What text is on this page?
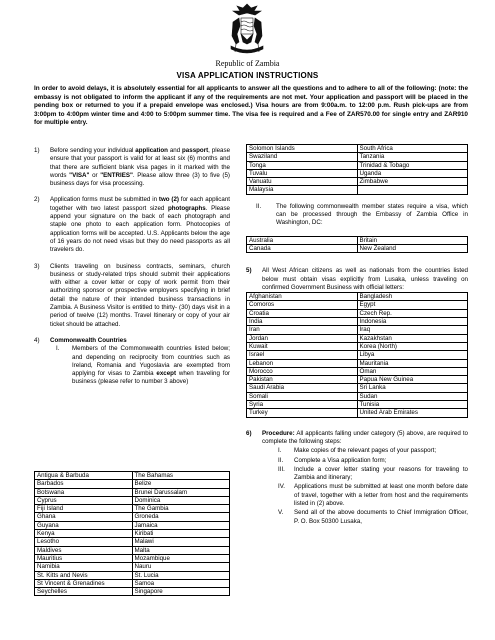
Republic of Zambia
VISA APPLICATION INSTRUCTIONS

In order to avoid delays, it is absolutely essential for all applicants to answer all the questions and to adhere to all of the following: (note: the embassy is not obligated to inform the applicant if any of the requirements are not met. Your application and passport will be placed in the pending box or returned to you if a prepaid envelope was enclosed.) Visa hours are from 9:00a.m. to 12:00 p.m. Rush pick-ups are from 3:00pm to 4:00pm winter time and 4:00 to 5:00pm summer time. The visa fee is required and a Fee of ZAR570.00 for single entry and ZAR910 for multiple entry.

1) Before sending your individual application and passport, please ensure that your passport is valid for at least six (6) months and that there are sufficient blank visa pages in it marked with the words "VISA" or "ENTRIES". Please allow three (3) to five (5) business days for visa processing.
2) Application forms must be submitted in two (2) for each applicant together with two latest passport sized photographs. Please append your signature on the back of each photograph and staple one photo to each application form. Photocopies of application forms will be accepted. U.S. Applicants below the age of 16 years do not need visas but they do need passports as all travelers do.
3) Clients traveling on business contracts, seminars, church business or study-related trips should submit their applications with either a cover letter or copy of work permit from their authorizing sponsor or prospective employers specifying in brief detail the nature of their intended business transactions in Zambia. A Business Visitor is entitled to thirty- (30) days visit in a period of twelve (12) months. Travel Itinerary or copy of your air ticket should be attached.
4) Commonwealth Countries
I. Members of the Commonwealth countries listed below; and depending on reciprocity from countries such as Ireland, Romania and Yugoslavia are exempted from applying for visas to Zambia except when traveling for business (please refer to number 3 above)
Antigua & Barbuda	The Bahamas
Barbados	Belize
Botswana	Brunei Darussalam
Cyprus	Dominica
Fiji Island	The Gambia
Ghana	Groneda
Guyana	Jamaica
Kenya	Kiribati
Lesotho	Malawi
Maldives	Malta
Mauritius	Mozambique
Namibia	Nauru
St. Kitts and Nevis	St. Lucia
St Vincent & Grenadines	Samoa
Seychelles	Singapore
Solomon Islands	South Africa
Swaziland	Tanzania
Tonga	Trinidad & Tobago
Tuvalu	Uganda
Vanuatu	Zimbabwe
Malaysia	
II. The following commonwealth member states require a visa, which can be processed through the Embassy of Zambia Office in Washington, DC:
Australia	Britain
Canada	New Zealand
5) All West African citizens as well as nationals from the countries listed below must obtain visas explicitly from Lusaka, unless traveling on confirmed Government Business with official letters:
Afghanistan	Bangladesh
Comoros	Egypt
Croatia	Czech Rep.
India	Indonesia
Iran	Iraq
Jordan	Kazakhstan
Kuwait	Korea (North)
Israel	Libya
Lebanon	Mauritania
Morocco	Oman
Pakistan	Papua New Guinea
Saudi Arabia	Sri Lanka
Somali	Sudan
Syria	Tunisia
Turkey	United Arab Emirates
6) Procedure: All applicants falling under category (5) above, are required to complete the following steps:
I. Make copies of the relevant pages of your passport;
II. Complete a Visa application form;
III. Include a cover letter stating your reasons for traveling to Zambia and itinerary;
IV. Applications must be submitted at least one month before date of travel, together with a letter from host and the requirements listed in (2) above.
V. Send all of the above documents to Chief Immigration Officer, P. O. Box 50300 Lusaka,
